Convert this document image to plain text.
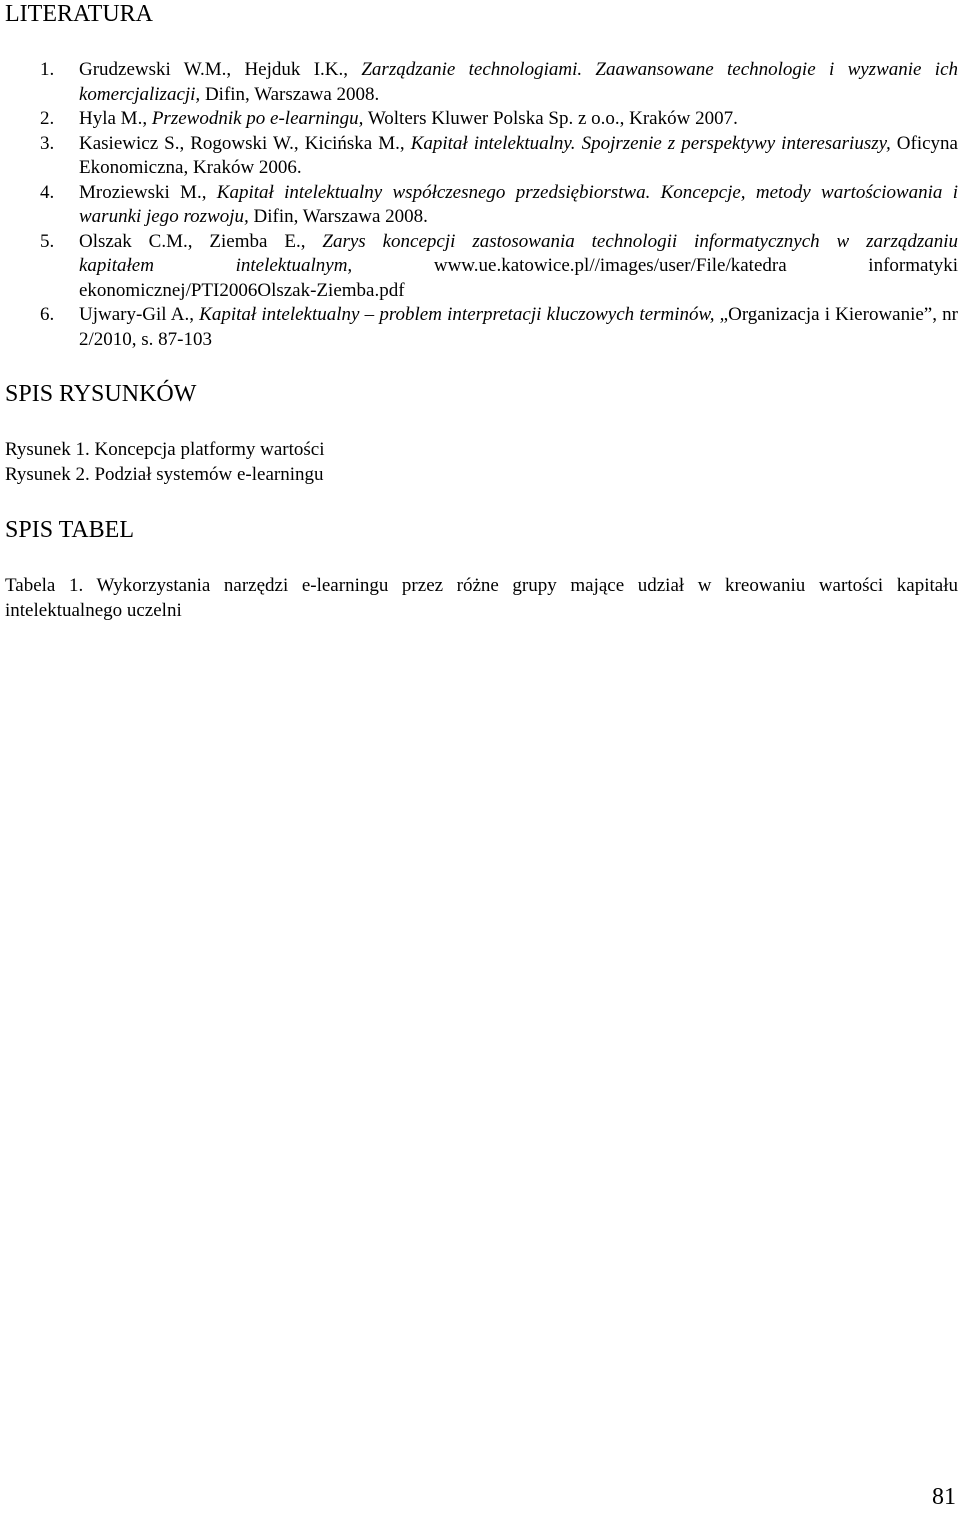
LITERATURA
1. Grudzewski W.M., Hejduk I.K., Zarządzanie technologiami. Zaawansowane technologie i wyzwanie ich komercjalizacji, Difin, Warszawa 2008.
2. Hyla M., Przewodnik po e-learningu, Wolters Kluwer Polska Sp. z o.o., Kraków 2007.
3. Kasiewicz S., Rogowski W., Kicińska M., Kapitał intelektualny. Spojrzenie z perspektywy interesariuszy, Oficyna Ekonomiczna, Kraków 2006.
4. Mroziewski M., Kapitał intelektualny współczesnego przedsiębiorstwa. Koncepcje, metody wartościowania i warunki jego rozwoju, Difin, Warszawa 2008.
5. Olszak C.M., Ziemba E., Zarys koncepcji zastosowania technologii informatycznych w zarządzaniu
kapitałem intelektualnym,	www.ue.katowice.pl//images/user/File/katedra informatyki
ekonomicznej/PTI2006Olszak-Ziemba.pdf
6. Ujwary-Gil A., Kapitał intelektualny – problem interpretacji kluczowych terminów, „Organizacja i Kierowanie”, nr 2/2010, s. 87-103
SPIS RYSUNKÓW
Rysunek 1. Koncepcja platformy wartości
Rysunek 2. Podział systemów e-learningu
SPIS TABEL
Tabela 1. Wykorzystania narzędzi e-learningu przez różne grupy mające udział w kreowaniu wartości kapitału
intelektualnego uczelni
81
